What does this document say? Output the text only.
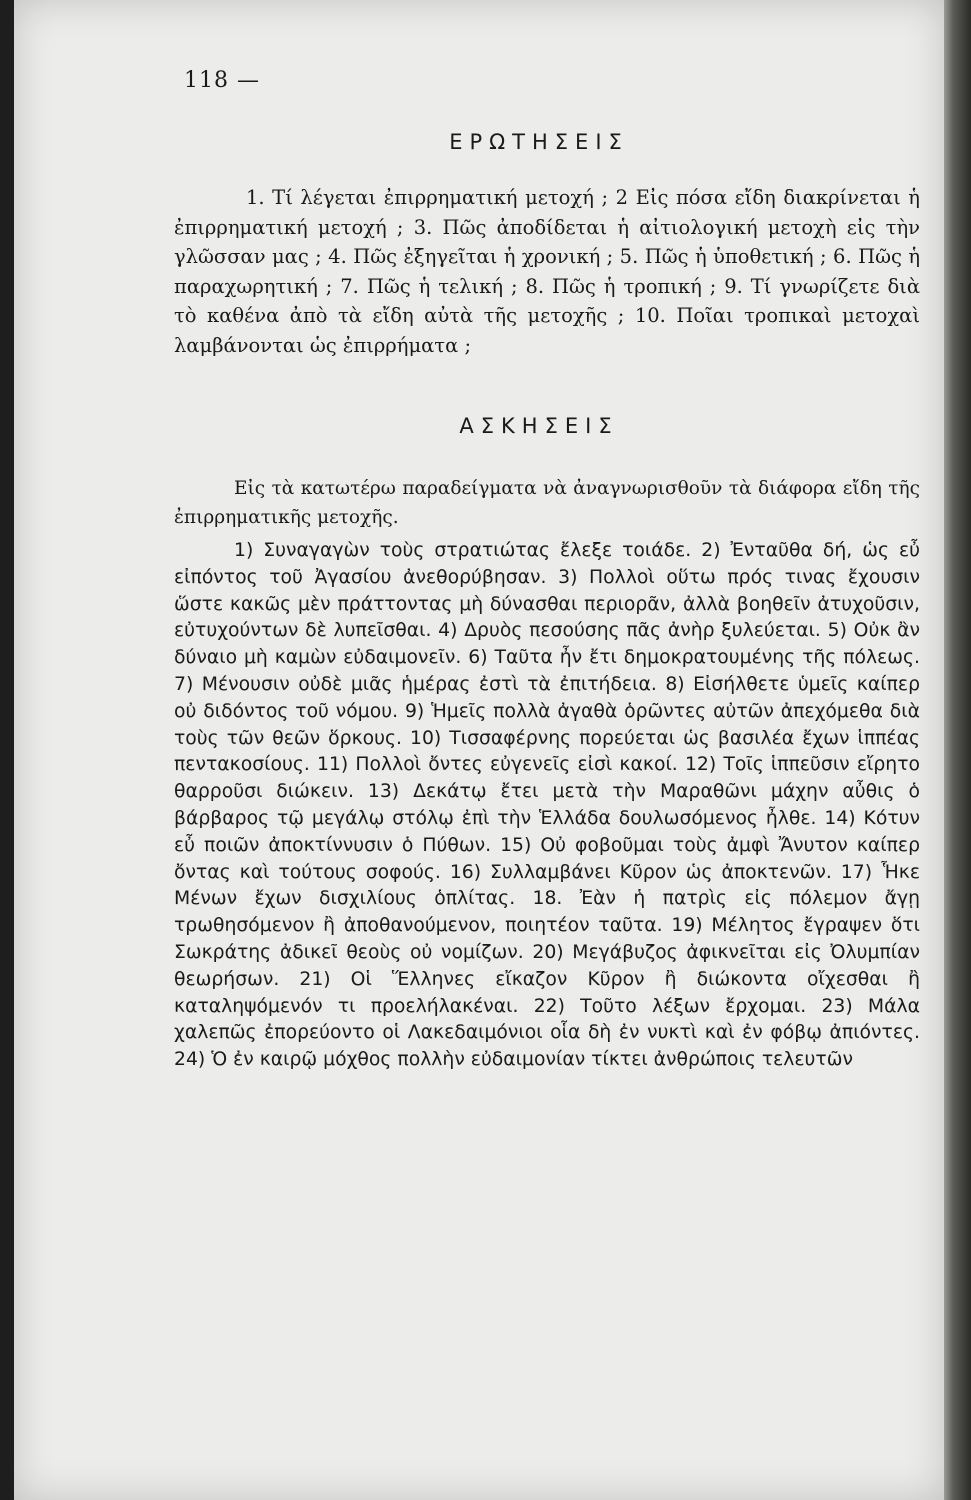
118 —
ΕΡΩΤΗΣΕΙΣ

1. Τί λέγεται ἐπιρρηματική μετοχή ; 2 Εἰς πόσα εἴδη διακρίνεται ἡ ἐπιρρηματική μετοχή ; 3. Πῶς ἀποδίδεται ἡ αἰτιολογική μετοχὴ εἰς τὴν γλῶσσαν μας ; 4. Πῶς ἐξηγεῖται ἡ χρονική ; 5. Πῶς ἡ ὑποθετική ; 6. Πῶς ἡ παραχωρητική ; 7. Πῶς ἡ τελική ; 8. Πῶς ἡ τροπική ; 9. Τί γνωρίζετε διὰ τὸ καθένα ἀπὸ τὰ εἴδη αὐτὰ τῆς μετοχῆς ; 10. Ποῖαι τροπικαὶ μετοχαὶ λαμβάνονται ὡς ἐπιρρήματα ;

ΑΣΚΗΣΕΙΣ

Εἰς τὰ κατωτέρω παραδείγματα νὰ ἀναγνωρισθοῦν τὰ διάφορα εἴδη τῆς ἐπιρρηματικῆς μετοχῆς.

1) Συναγαγὼν τοὺς στρατιώτας ἔλεξε τοιάδε. 2) Ἐνταῦθα δή, ὡς εὖ εἰπόντος τοῦ Ἀγασίου ἀνεθορύβησαν. 3) Πολλοὶ οὕτω πρός τινας ἔχουσιν ὥστε κακῶς μὲν πράττοντας μὴ δύνασθαι περιορᾶν, ἀλλὰ βοηθεῖν ἀτυχοῦσιν, εὐτυχούντων δὲ λυπεῖσθαι. 4) Δρυὸς πεσούσης πᾶς ἀνὴρ ξυλεύεται. 5) Οὐκ ἂν δύναιο μὴ καμὼν εὐδαιμονεῖν. 6) Ταῦτα ἦν ἔτι δημοκρατουμένης τῆς πόλεως. 7) Μένουσιν οὐδὲ μιᾶς ἡμέρας ἐστὶ τὰ ἐπιτήδεια. 8) Εἰσήλθετε ὑμεῖς καίπερ οὐ διδόντος τοῦ νόμου. 9) Ἡμεῖς πολλὰ ἀγαθὰ ὁρῶντες αὐτῶν ἀπεχόμεθα διὰ τοὺς τῶν θεῶν ὅρκους. 10) Τισσαφέρνης πορεύεται ὡς βασιλέα ἔχων ἱππέας πεντακοσίους. 11) Πολλοὶ ὄντες εὐγενεῖς εἰσὶ κακοί. 12) Τοῖς ἱππεῦσιν εἴρητο θαρροῦσι διώκειν. 13) Δεκάτῳ ἔτει μετὰ τὴν Μαραθῶνι μάχην αὖθις ὁ βάρβαρος τῷ μεγάλῳ στόλῳ ἐπὶ τὴν Ἑλλάδα δουλωσόμενος ἦλθε. 14) Κότυν εὖ ποιῶν ἀποκτίννυσιν ὁ Πύθων. 15) Οὐ φοβοῦμαι τοὺς ἀμφὶ Ἄνυτον καίπερ ὄντας καὶ τούτους σοφούς. 16) Συλλαμβάνει Κῦρον ὡς ἀποκτενῶν. 17) Ἧκε Μένων ἔχων δισχιλίους ὁπλίτας. 18. Ἐὰν ἡ πατρὶς εἰς πόλεμον ἄγῃ τρωθησόμενον ἢ ἀποθανούμενον, ποιητέον ταῦτα. 19) Μέλητος ἔγραψεν ὅτι Σωκράτης ἀδικεῖ θεοὺς οὐ νομίζων. 20) Μεγάβυζος ἀφικνεῖται εἰς Ὀλυμπίαν θεωρήσων. 21) Οἱ Ἕλληνες εἴκαζον Κῦρον ἢ διώκοντα οἴχεσθαι ἢ καταληψόμενόν τι προελήλακέναι. 22) Τοῦτο λέξων ἔρχομαι. 23) Μάλα χαλεπῶς ἐπορεύοντο οἱ Λακεδαιμόνιοι οἷα δὴ ἐν νυκτὶ καὶ ἐν φόβῳ ἀπιόντες. 24) Ὁ ἐν καιρῷ μόχθος πολλὴν εὐδαιμονίαν τίκτει ἀνθρώποις τελευτῶν
